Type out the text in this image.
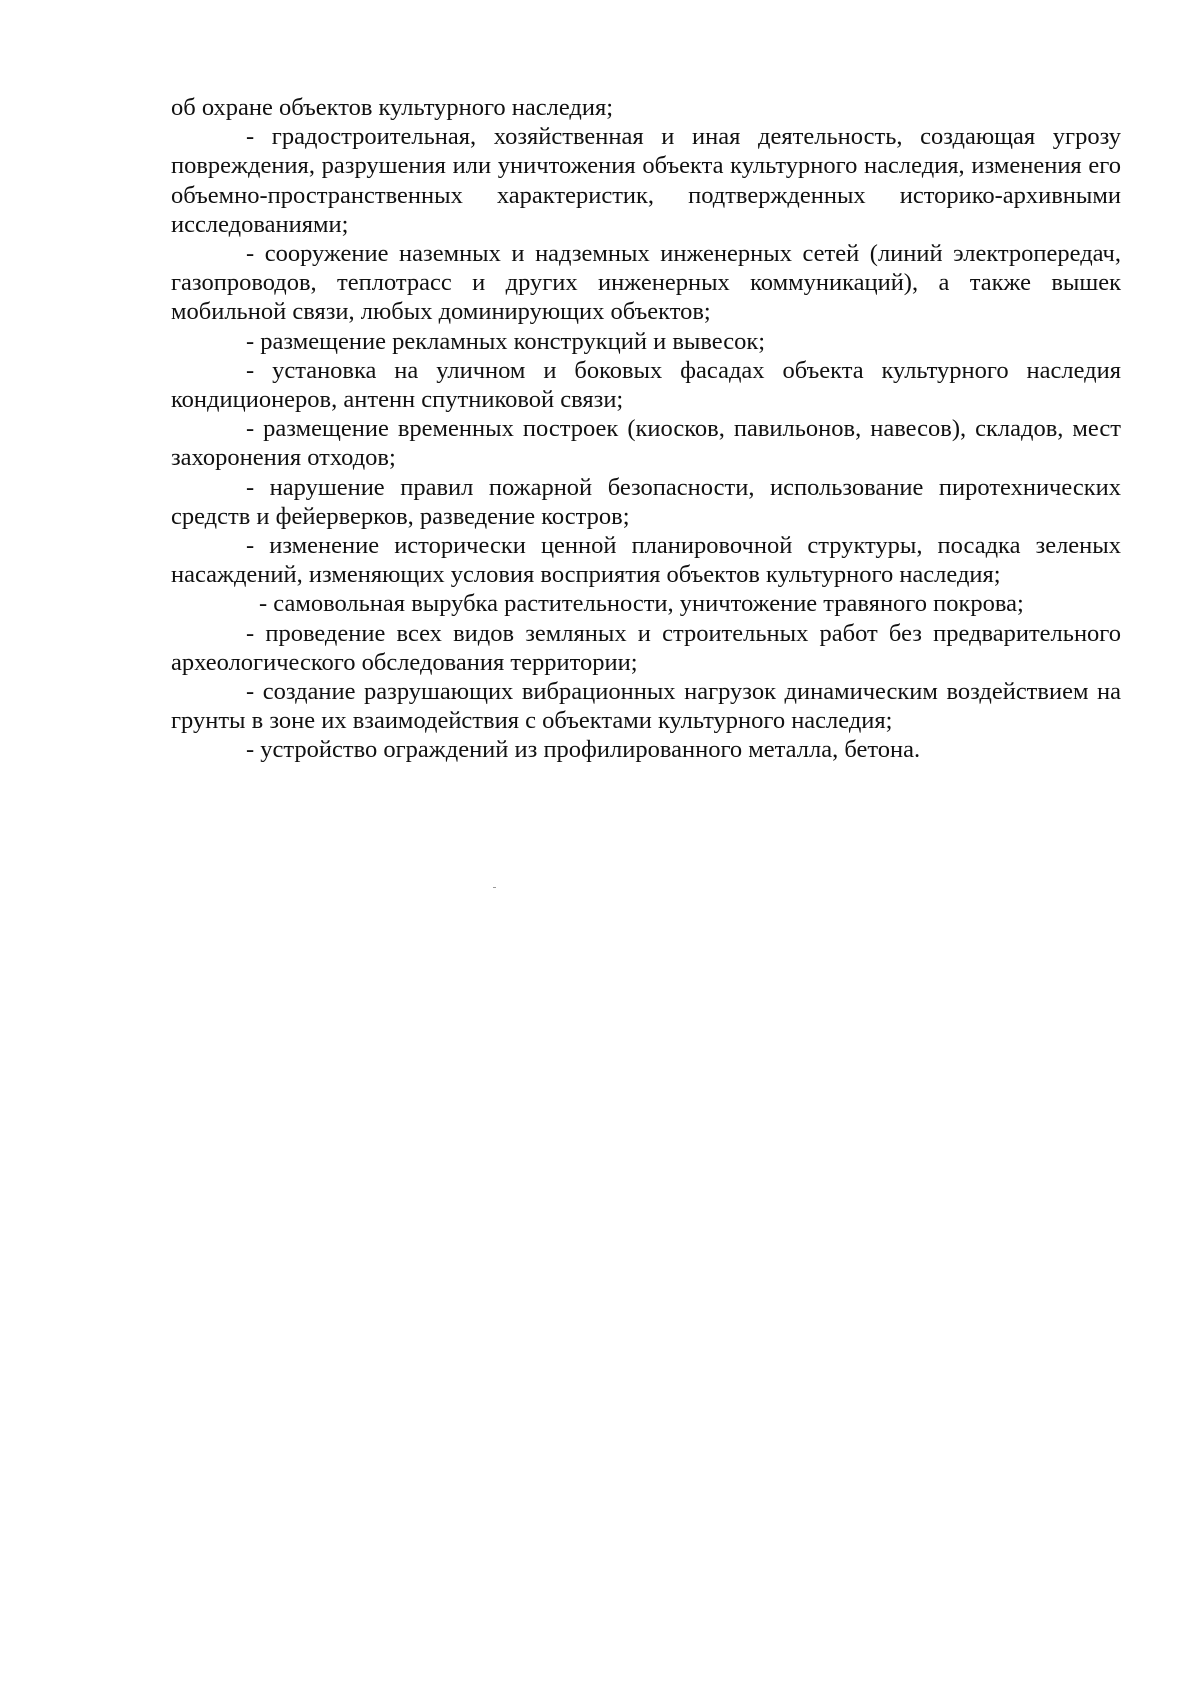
об охране объектов культурного наследия;

- градостроительная, хозяйственная и иная деятельность, создающая угрозу повреждения, разрушения или уничтожения объекта культурного наследия, изменения его объемно-пространственных характеристик, подтвержденных историко-архивными исследованиями;

- сооружение наземных и надземных инженерных сетей (линий электропередач, газопроводов, теплотрасс и других инженерных коммуникаций), а также вышек мобильной связи, любых доминирующих объектов;

- размещение рекламных конструкций и вывесок;

- установка на уличном и боковых фасадах объекта культурного наследия кондиционеров, антенн спутниковой связи;

- размещение временных построек (киосков, павильонов, навесов), складов, мест захоронения отходов;

- нарушение правил пожарной безопасности, использование пиротехнических средств и фейерверков, разведение костров;

- изменение исторически ценной планировочной структуры, посадка зеленых насаждений, изменяющих условия восприятия объектов культурного наследия;

- самовольная вырубка растительности, уничтожение травяного покрова;

- проведение всех видов земляных и строительных работ без предварительного археологического обследования территории;

- создание разрушающих вибрационных нагрузок динамическим воздействием на грунты в зоне их взаимодействия с объектами культурного наследия;

- устройство ограждений из профилированного металла, бетона.
